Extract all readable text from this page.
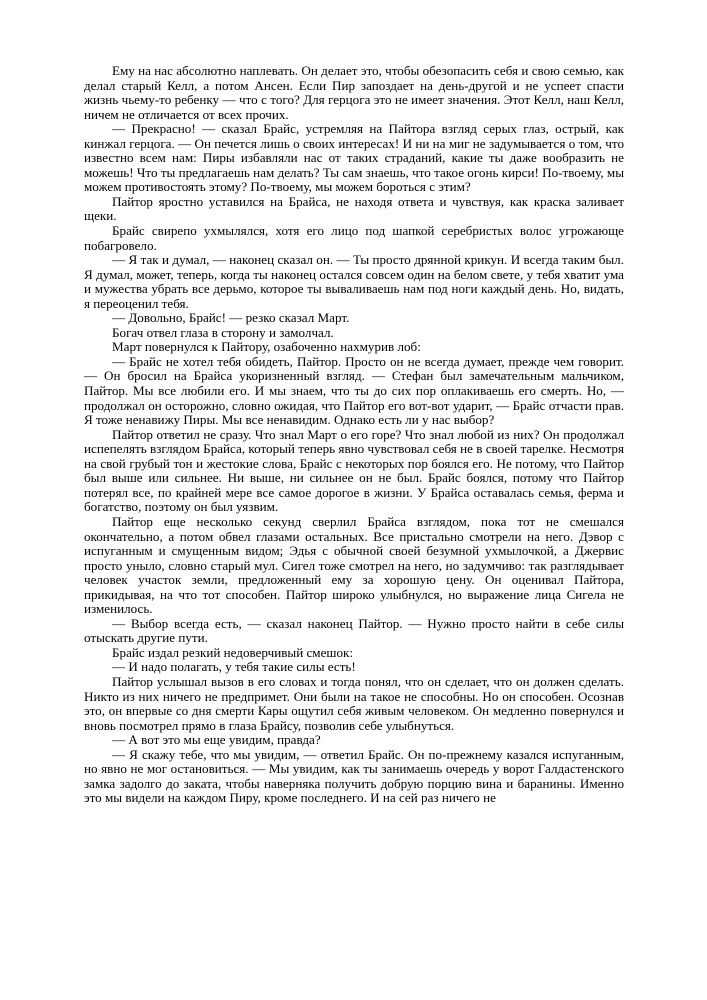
Ему на нас абсолютно наплевать. Он делает это, чтобы обезопасить себя и свою семью, как делал старый Келл, а потом Ансен. Если Пир запоздает на день-другой и не успеет спасти жизнь чьему-то ребенку — что с того? Для герцога это не имеет значения. Этот Келл, наш Келл, ничем не отличается от всех прочих.

— Прекрасно! — сказал Брайс, устремляя на Пайтора взгляд серых глаз, острый, как кинжал герцога. — Он печется лишь о своих интересах! И ни на миг не задумывается о том, что известно всем нам: Пиры избавляли нас от таких страданий, какие ты даже вообразить не можешь! Что ты предлагаешь нам делать? Ты сам знаешь, что такое огонь кирси! По-твоему, мы можем противостоять этому? По-твоему, мы можем бороться с этим?

Пайтор яростно уставился на Брайса, не находя ответа и чувствуя, как краска заливает щеки.

Брайс свирепо ухмылялся, хотя его лицо под шапкой серебристых волос угрожающе побагровело.

— Я так и думал, — наконец сказал он. — Ты просто дрянной крикун. И всегда таким был. Я думал, может, теперь, когда ты наконец остался совсем один на белом свете, у тебя хватит ума и мужества убрать все дерьмо, которое ты вываливаешь нам под ноги каждый день. Но, видать, я переоценил тебя.

— Довольно, Брайс! — резко сказал Март.

Богач отвел глаза в сторону и замолчал.

Март повернулся к Пайтору, озабоченно нахмурив лоб:

— Брайс не хотел тебя обидеть, Пайтор. Просто он не всегда думает, прежде чем говорит. — Он бросил на Брайса укоризненный взгляд. — Стефан был замечательным мальчиком, Пайтор. Мы все любили его. И мы знаем, что ты до сих пор оплакиваешь его смерть. Но, — продолжал он осторожно, словно ожидая, что Пайтор его вот-вот ударит, — Брайс отчасти прав. Я тоже ненавижу Пиры. Мы все ненавидим. Однако есть ли у нас выбор?

Пайтор ответил не сразу. Что знал Март о его горе? Что знал любой из них? Он продолжал испепелять взглядом Брайса, который теперь явно чувствовал себя не в своей тарелке. Несмотря на свой грубый тон и жестокие слова, Брайс с некоторых пор боялся его. Не потому, что Пайтор был выше или сильнее. Ни выше, ни сильнее он не был. Брайс боялся, потому что Пайтор потерял все, по крайней мере все самое дорогое в жизни. У Брайса оставалась семья, ферма и богатство, поэтому он был уязвим.

Пайтор еще несколько секунд сверлил Брайса взглядом, пока тот не смешался окончательно, а потом обвел глазами остальных. Все пристально смотрели на него. Дэвор с испуганным и смущенным видом; Эдья с обычной своей безумной ухмылочкой, а Джервис просто уныло, словно старый мул. Сигел тоже смотрел на него, но задумчиво: так разглядывает человек участок земли, предложенный ему за хорошую цену. Он оценивал Пайтора, прикидывая, на что тот способен. Пайтор широко улыбнулся, но выражение лица Сигела не изменилось.

— Выбор всегда есть, — сказал наконец Пайтор. — Нужно просто найти в себе силы отыскать другие пути.

Брайс издал резкий недоверчивый смешок:

— И надо полагать, у тебя такие силы есть!

Пайтор услышал вызов в его словах и тогда понял, что он сделает, что он должен сделать. Никто из них ничего не предпримет. Они были на такое не способны. Но он способен. Осознав это, он впервые со дня смерти Кары ощутил себя живым человеком. Он медленно повернулся и вновь посмотрел прямо в глаза Брайсу, позволив себе улыбнуться.

— А вот это мы еще увидим, правда?

— Я скажу тебе, что мы увидим, — ответил Брайс. Он по-прежнему казался испуганным, но явно не мог остановиться. — Мы увидим, как ты занимаешь очередь у ворот Галдастенского замка задолго до заката, чтобы наверняка получить добрую порцию вина и баранины. Именно это мы видели на каждом Пиру, кроме последнего. И на сей раз ничего не
